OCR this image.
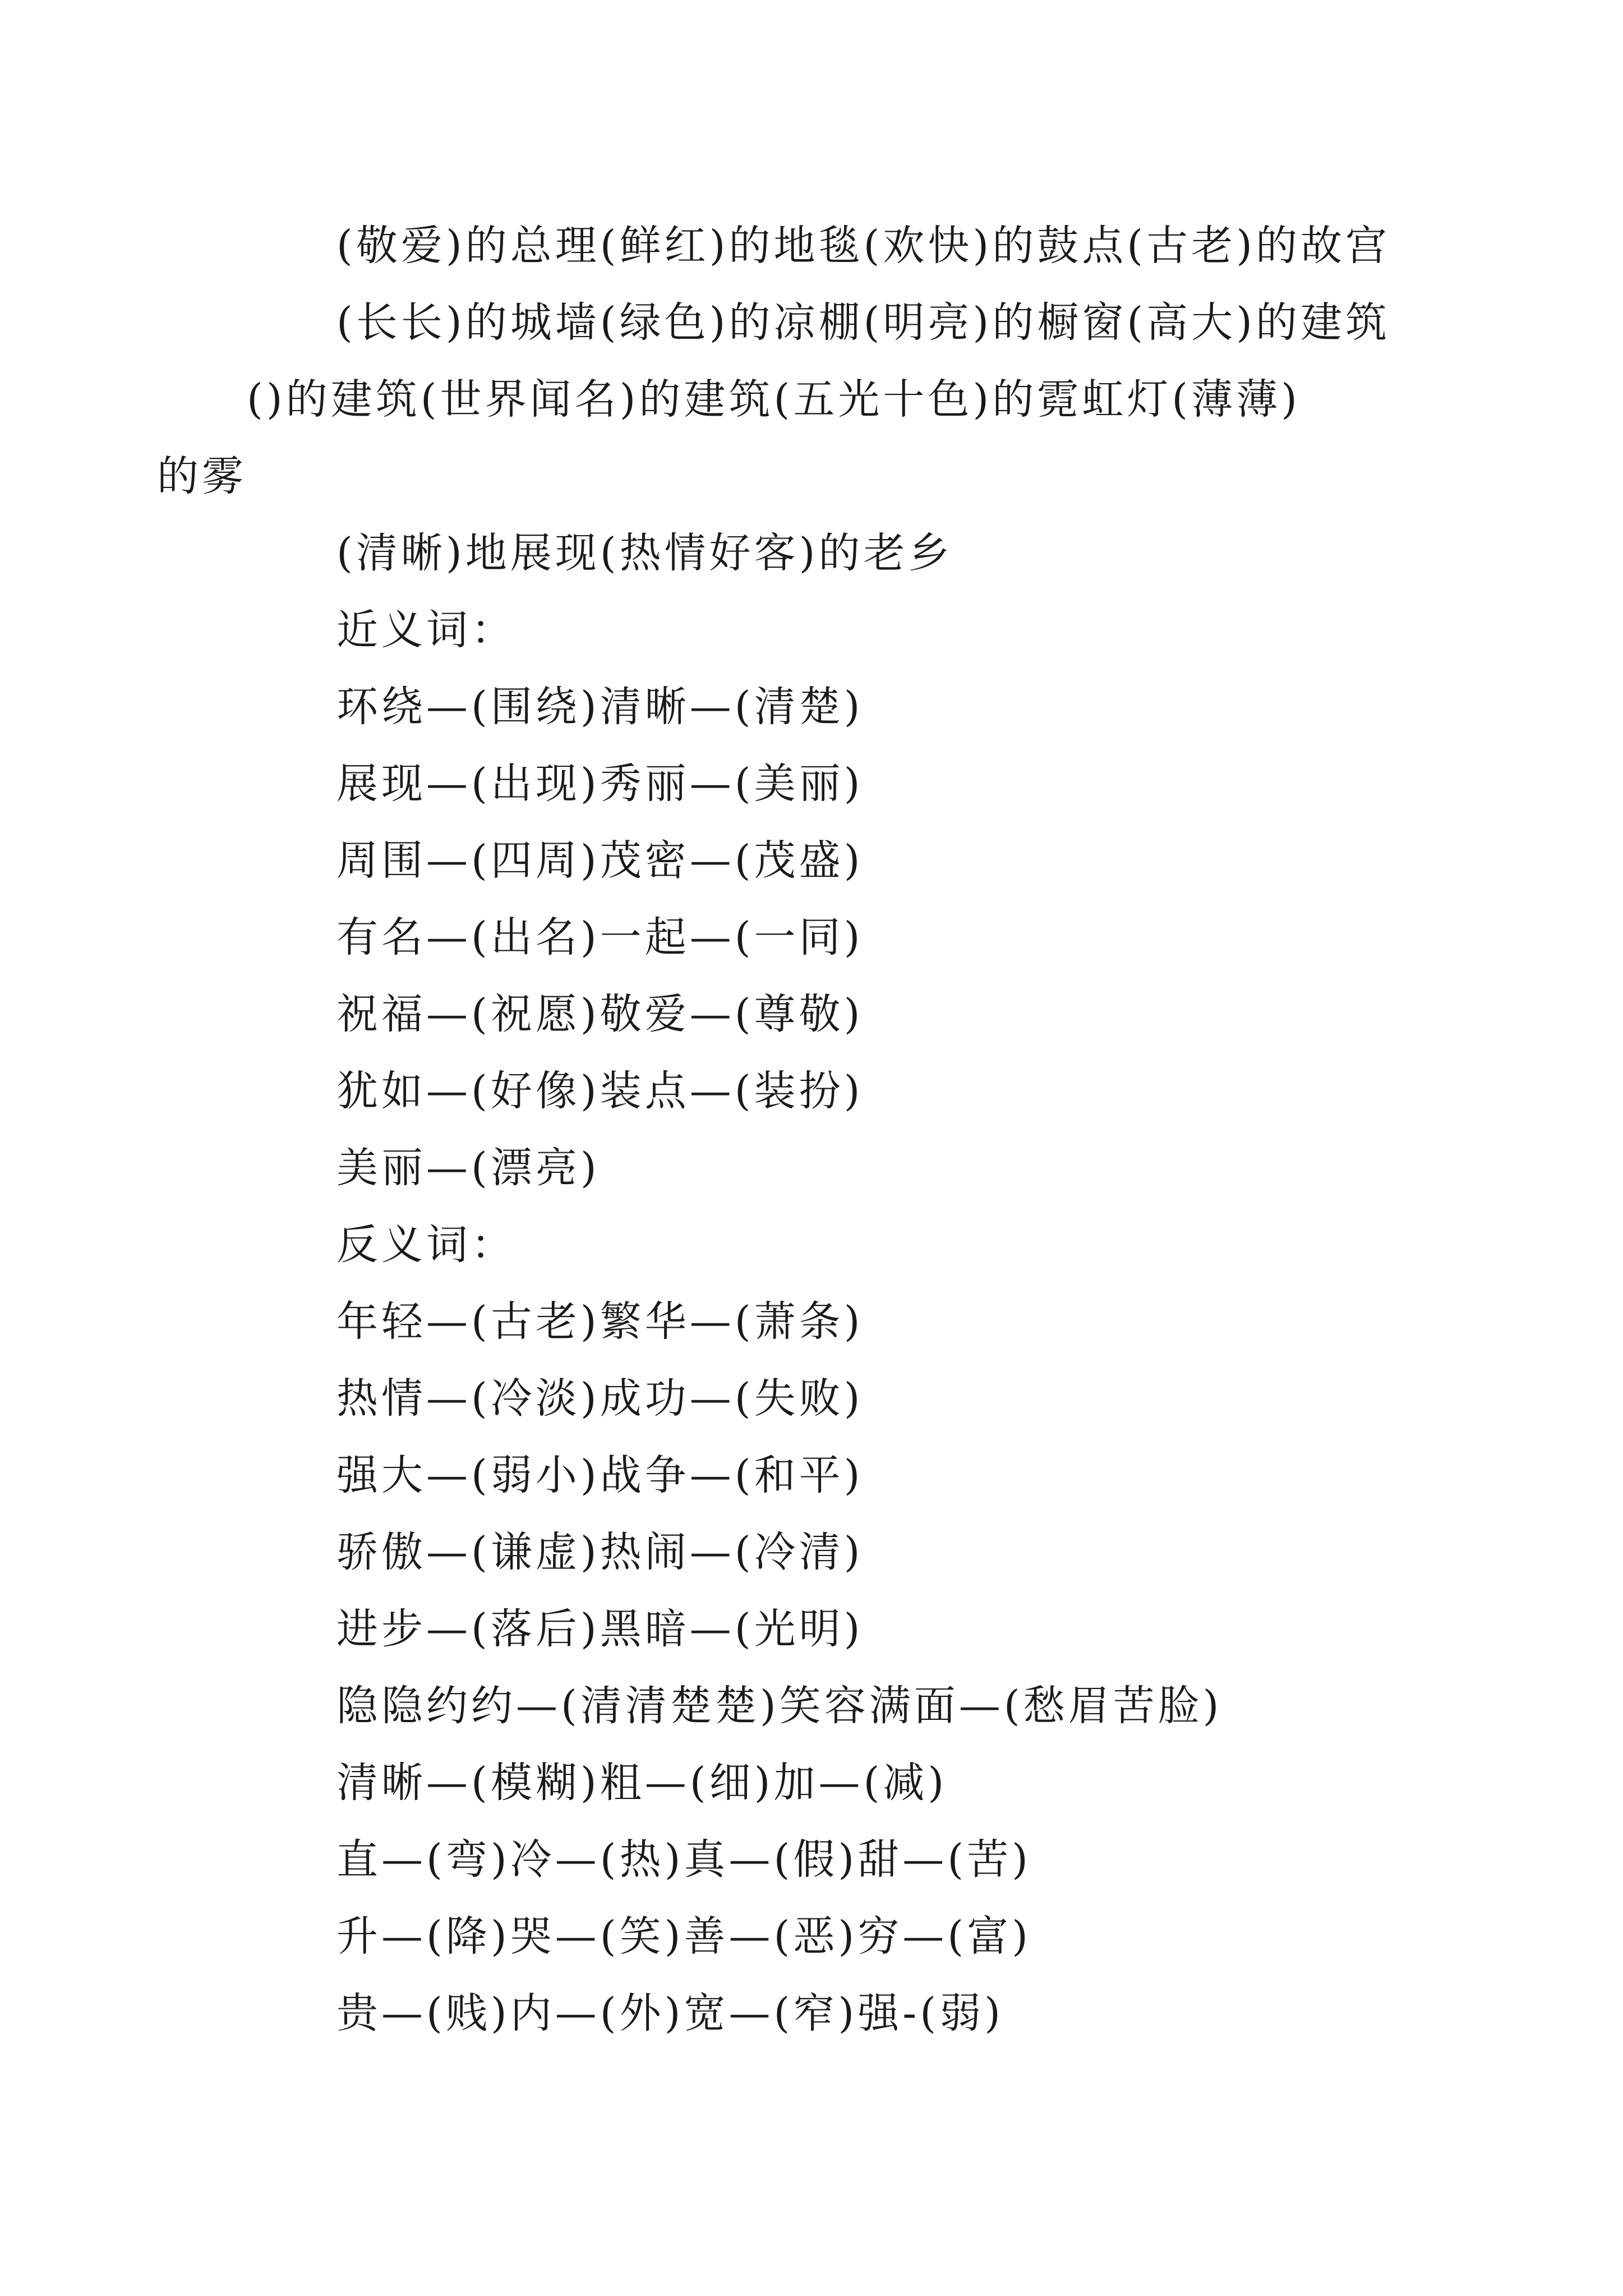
(敬爱)的总理(鲜红)的地毯(欢快)的鼓点(古老)的故宫
(长长)的城墙(绿色)的凉棚(明亮)的橱窗(高大)的建筑
()的建筑(世界闻名)的建筑(五光十色)的霓虹灯(薄薄)的雾
(清晰)地展现(热情好客)的老乡
近义词：
环绕—(围绕)清晰—(清楚)
展现—(出现)秀丽—(美丽)
周围—(四周)茂密—(茂盛)
有名—(出名)一起—(一同)
祝福—(祝愿)敬爱—(尊敬)
犹如—(好像)装点—(装扮)
美丽—(漂亮)
反义词：
年轻—(古老)繁华—(萧条)
热情—(冷淡)成功—(失败)
强大—(弱小)战争—(和平)
骄傲—(谦虚)热闹—(冷清)
进步—(落后)黑暗—(光明)
隐隐约约—(清清楚楚)笑容满面—(愁眉苦脸)
清晰—(模糊)粗—(细)加—(减)
直—(弯)冷—(热)真—(假)甜—(苦)
升—(降)哭—(笑)善—(恶)穷—(富)
贵—(贱)内—(外)宽—(窄)强-(弱)
